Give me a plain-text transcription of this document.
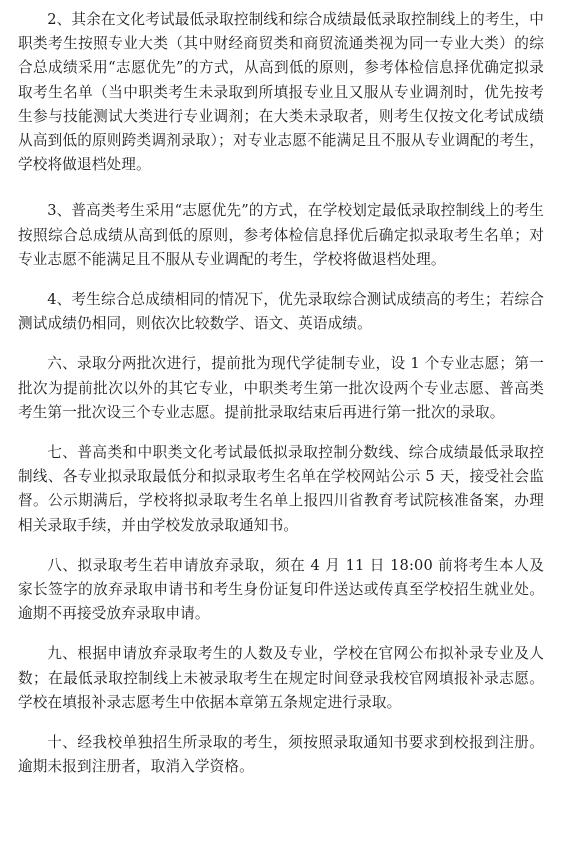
2、其余在文化考试最低录取控制线和综合成绩最低录取控制线上的考生，中职类考生按照专业大类（其中财经商贸类和商贸流通类视为同一专业大类）的综合总成绩采用“志愿优先”的方式，从高到低的原则，参考体检信息择优确定拟录取考生名单（当中职类考生未录取到所填报专业且又服从专业调剂时，优先按考生参与技能测试大类进行专业调剂；在大类未录取者，则考生仅按文化考试成绩从高到低的原则跨类调剂录取）；对专业志愿不能满足且不服从专业调配的考生，学校将做退档处理。

3、普高类考生采用“志愿优先”的方式，在学校划定最低录取控制线上的考生按照综合总成绩从高到低的原则，参考体检信息择优后确定拟录取考生名单；对专业志愿不能满足且不服从专业调配的考生，学校将做退档处理。

4、考生综合总成绩相同的情况下，优先录取综合测试成绩高的考生；若综合测试成绩仍相同，则依次比较数学、语文、英语成绩。

六、录取分两批次进行，提前批为现代学徒制专业，设 1 个专业志愿；第一批次为提前批次以外的其它专业，中职类考生第一批次设两个专业志愿、普高类考生第一批次设三个专业志愿。提前批录取结束后再进行第一批次的录取。

七、普高类和中职类文化考试最低拟录取控制分数线、综合成绩最低录取控制线、各专业拟录取最低分和拟录取考生名单在学校网站公示 5 天，接受社会监督。公示期满后，学校将拟录取考生名单上报四川省教育考试院核准备案，办理相关录取手续，并由学校发放录取通知书。

八、拟录取考生若申请放弃录取，须在 4 月 11 日 18:00 前将考生本人及家长签字的放弃录取申请书和考生身份证复印件送达或传真至学校招生就业处。逾期不再接受放弃录取申请。

九、根据申请放弃录取考生的人数及专业，学校在官网公布拟补录专业及人数；在最低录取控制线上未被录取考生在规定时间登录我校官网填报补录志愿。学校在填报补录志愿考生中依据本章第五条规定进行录取。

十、经我校单独招生所录取的考生，须按照录取通知书要求到校报到注册。逾期未报到注册者，取消入学资格。
